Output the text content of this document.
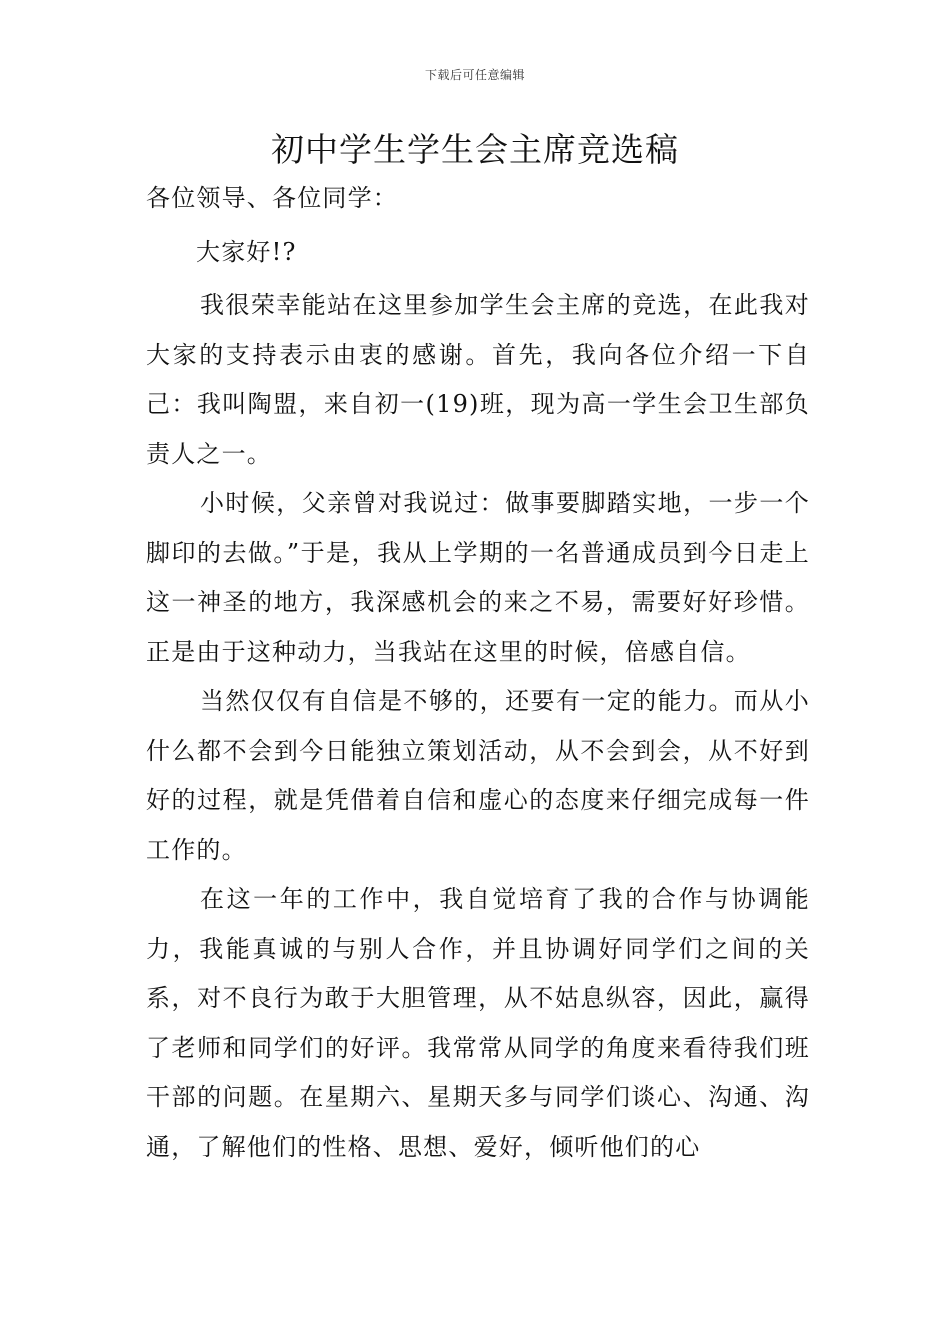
下载后可任意编辑
初中学生学生会主席竞选稿

各位领导、各位同学：

大家好!?

我很荣幸能站在这里参加学生会主席的竞选，在此我对大家的支持表示由衷的感谢。首先，我向各位介绍一下自己：我叫陶盟，来自初一(19)班，现为高一学生会卫生部负责人之一。

小时候，父亲曾对我说过：做事要脚踏实地，一步一个脚印的去做。”于是，我从上学期的一名普通成员到今日走上这一神圣的地方，我深感机会的来之不易，需要好好珍惜。正是由于这种动力，当我站在这里的时候，倍感自信。

当然仅仅有自信是不够的，还要有一定的能力。而从小什么都不会到今日能独立策划活动，从不会到会，从不好到好的过程，就是凭借着自信和虚心的态度来仔细完成每一件工作的。

在这一年的工作中，我自觉培育了我的合作与协调能力，我能真诚的与别人合作，并且协调好同学们之间的关系，对不良行为敢于大胆管理，从不姑息纵容，因此，赢得了老师和同学们的好评。我常常从同学的角度来看待我们班干部的问题。在星期六、星期天多与同学们谈心、沟通、沟通，了解他们的性格、思想、爱好，倾听他们的心
